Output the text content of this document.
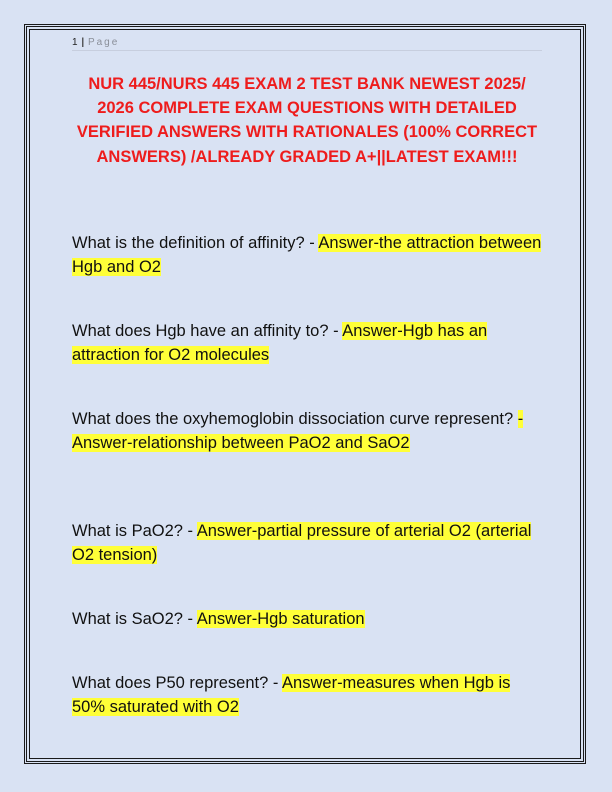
1 | Page
NUR 445/NURS 445 EXAM 2 TEST BANK NEWEST 2025/ 2026 COMPLETE EXAM QUESTIONS WITH DETAILED VERIFIED ANSWERS WITH RATIONALES (100% CORRECT ANSWERS) /ALREADY GRADED A+||LATEST EXAM!!!
What is the definition of affinity? - Answer-the attraction between Hgb and O2
What does Hgb have an affinity to? - Answer-Hgb has an attraction for O2 molecules
What does the oxyhemoglobin dissociation curve represent? - Answer-relationship between PaO2 and SaO2
What is PaO2? - Answer-partial pressure of arterial O2 (arterial O2 tension)
What is SaO2? - Answer-Hgb saturation
What does P50 represent? - Answer-measures when Hgb is 50% saturated with O2
